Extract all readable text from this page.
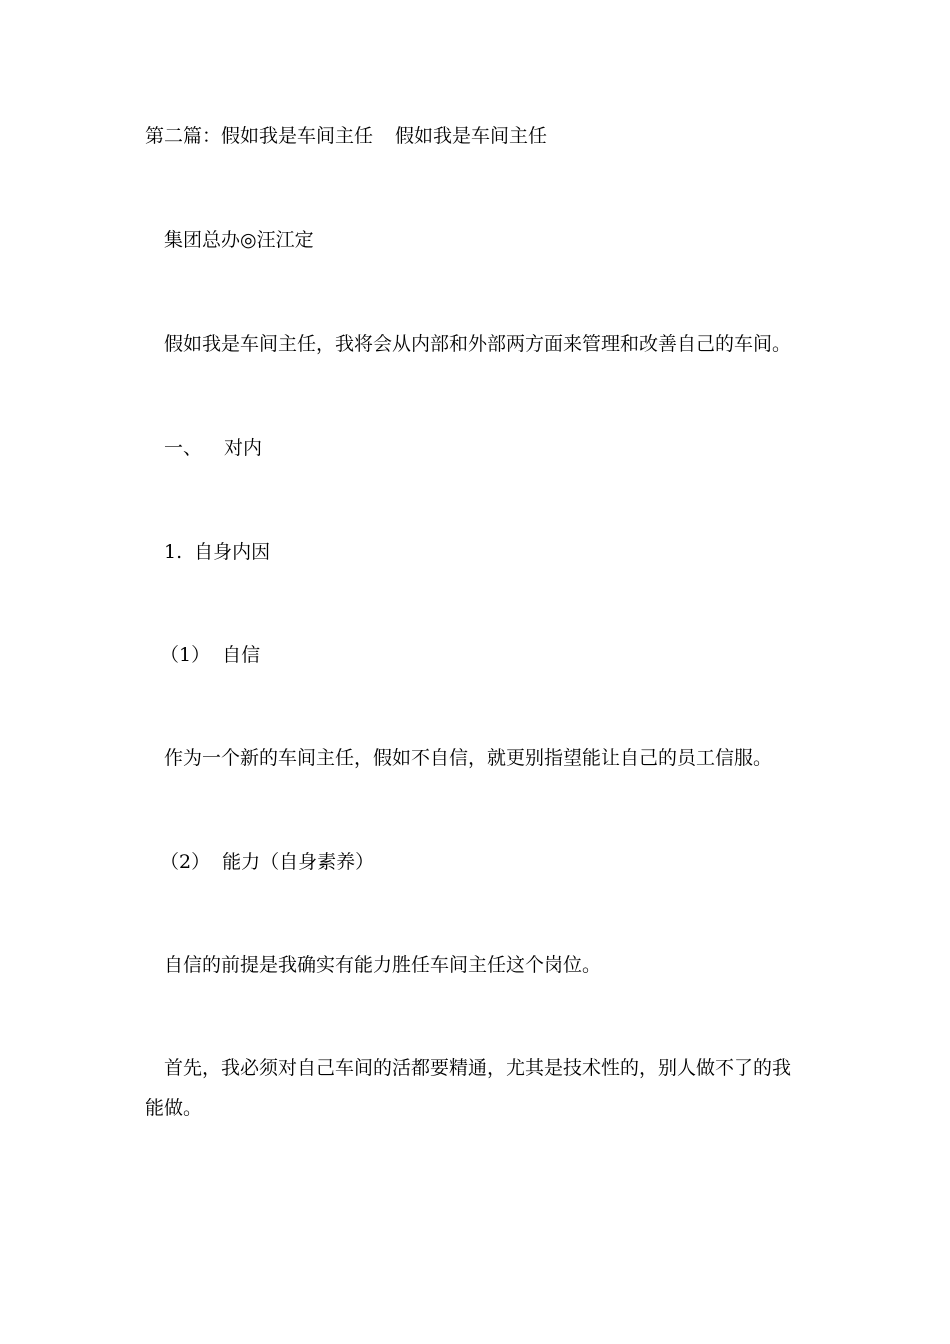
第二篇：假如我是车间主任 假如我是车间主任
集团总办◎汪江定
假如我是车间主任，我将会从内部和外部两方面来管理和改善自己的车间。
一、 对内
1. 自身内因
（1） 自信
作为一个新的车间主任，假如不自信，就更别指望能让自己的员工信服。
（2） 能力（自身素养）
自信的前提是我确实有能力胜任车间主任这个岗位。
首先，我必须对自己车间的活都要精通，尤其是技术性的，别人做不了的我
能做。
